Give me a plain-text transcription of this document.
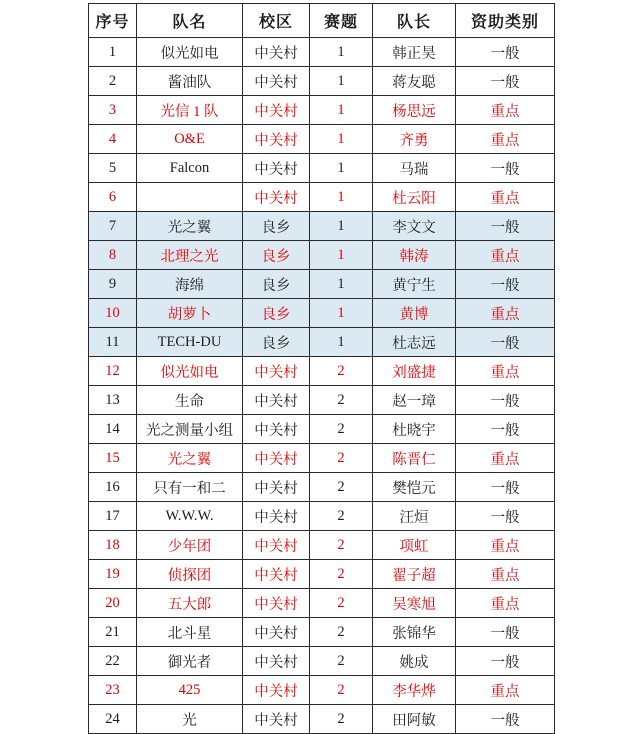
序号	队名	校区	赛题	队长	资助类别
1	似光如电	中关村	1	韩正昊	一般
2	酱油队	中关村	1	蒋友聪	一般
3	光信 1 队	中关村	1	杨思远	重点
4	O&E	中关村	1	齐勇	重点
5	Falcon	中关村	1	马瑞	一般
6		中关村	1	杜云阳	重点
7	光之翼	良乡	1	李文文	一般
8	北理之光	良乡	1	韩涛	重点
9	海绵	良乡	1	黄宁生	一般
10	胡萝卜	良乡	1	黄博	重点
11	TECH-DU	良乡	1	杜志远	一般
12	似光如电	中关村	2	刘盛捷	重点
13	生命	中关村	2	赵一璋	一般
14	光之测量小组	中关村	2	杜晓宇	一般
15	光之翼	中关村	2	陈晋仁	重点
16	只有一和二	中关村	2	樊恺元	一般
17	W.W.W.	中关村	2	汪烜	一般
18	少年团	中关村	2	项虹	重点
19	侦探团	中关村	2	翟子超	重点
20	五大郎	中关村	2	吴寒旭	重点
21	北斗星	中关村	2	张锦华	一般
22	御光者	中关村	2	姚成	一般
23	425	中关村	2	李华烨	重点
24	光	中关村	2	田阿敏	一般
